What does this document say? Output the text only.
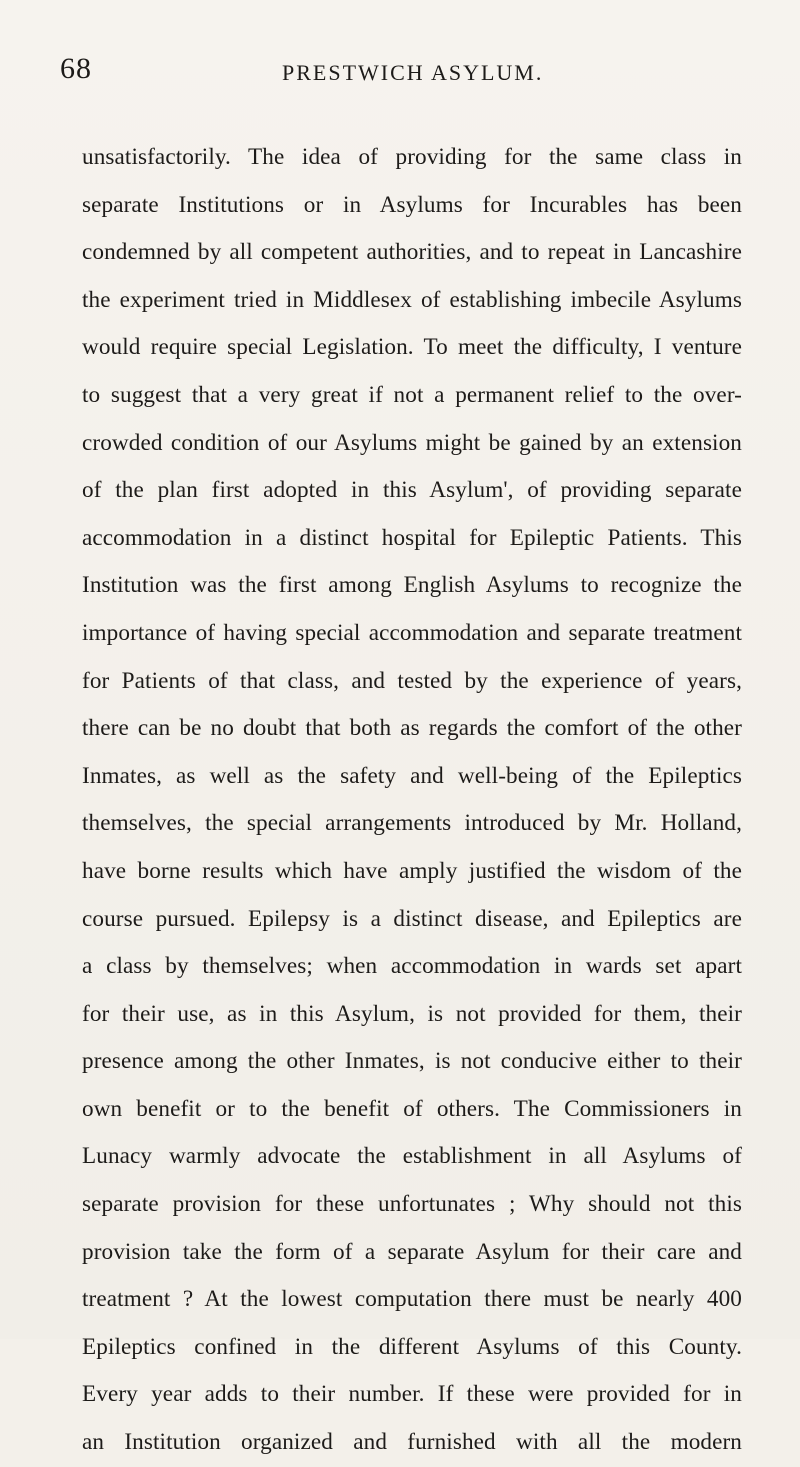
68	PRESTWICH ASYLUM.
unsatisfactorily. The idea of providing for the same class in
separate Institutions or in Asylums for Incurables has been
condemned by all competent authorities, and to repeat in Lancashire
the experiment tried in Middlesex of establishing imbecile Asylums
would require special Legislation. To meet the difficulty, I venture
to suggest that a very great if not a permanent relief to the over-
crowded condition of our Asylums might be gained by an extension
of the plan first adopted in this Asylum', of providing separate
accommodation in a distinct hospital for Epileptic Patients. This
Institution was the first among English Asylums to recognize the
importance of having special accommodation and separate treatment
for Patients of that class, and tested by the experience of years,
there can be no doubt that both as regards the comfort of the other
Inmates, as well as the safety and well-being of the Epileptics
themselves, the special arrangements introduced by Mr. Holland,
have borne results which have amply justified the wisdom of the
course pursued. Epilepsy is a distinct disease, and Epileptics are
a class by themselves; when accommodation in wards set apart
for their use, as in this Asylum, is not provided for them, their
presence among the other Inmates, is not conducive either to their
own benefit or to the benefit of others. The Commissioners in
Lunacy warmly advocate the establishment in all Asylums of
separate provision for these unfortunates ; Why should not this
provision take the form of a separate Asylum for their care and
treatment ? At the lowest computation there must be nearly 400
Epileptics confined in the different Asylums of this County.
Every year adds to their number. If these were provided for in
an Institution organized and furnished with all the modern
